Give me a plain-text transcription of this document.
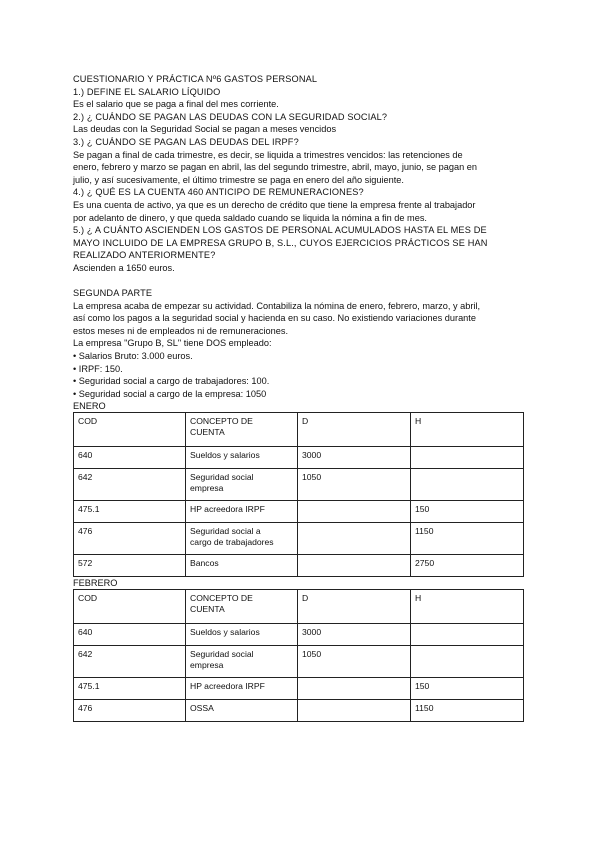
CUESTIONARIO Y PRÁCTICA Nº6 GASTOS PERSONAL
1.) DEFINE EL SALARIO LÍQUIDO
Es el salario que se paga a final del mes corriente.
2.) ¿ CUÁNDO SE PAGAN LAS DEUDAS CON LA SEGURIDAD SOCIAL?
Las deudas con la Seguridad Social se pagan a meses vencidos
3.) ¿ CUÁNDO SE PAGAN LAS DEUDAS DEL IRPF?
Se pagan a final de cada trimestre, es decir, se liquida a trimestres vencidos: las retenciones de
enero, febrero y marzo se pagan en abril, las del segundo trimestre, abril, mayo, junio, se pagan en
julio, y así sucesivamente, el último trimestre se paga en enero del año siguiente.
4.) ¿ QUÉ ES LA CUENTA 460 ANTICIPO DE REMUNERACIONES?
Es una cuenta de activo, ya que es un derecho de crédito que tiene la empresa frente al trabajador
por adelanto de dinero, y que queda saldado cuando se liquida la nómina a fin de mes.
5.) ¿ A CUÁNTO ASCIENDEN LOS GASTOS DE PERSONAL ACUMULADOS HASTA EL MES DE
MAYO INCLUIDO DE LA EMPRESA GRUPO B, S.L., CUYOS EJERCICIOS PRÁCTICOS SE HAN
REALIZADO ANTERIORMENTE?
Ascienden a 1650 euros.
SEGUNDA PARTE
La empresa acaba de empezar su actividad. Contabiliza la nómina de enero, febrero, marzo, y abril,
así como los pagos a la seguridad social y hacienda en su caso. No existiendo variaciones durante
estos meses ni de empleados ni de remuneraciones.
La empresa "Grupo B, SL" tiene DOS empleado:
• Salarios Bruto: 3.000 euros.
• IRPF: 150.
• Seguridad social a cargo de trabajadores: 100.
• Seguridad social a cargo de la empresa: 1050
ENERO
COD	CONCEPTO DE
CUENTA	D	H
640	Sueldos y salarios	3000	
642	Seguridad social
empresa	1050	
475.1	HP acreedora IRPF		150
476	Seguridad social a
cargo de trabajadores		1150
572	Bancos		2750
FEBRERO
COD	CONCEPTO DE
CUENTA	D	H
640	Sueldos y salarios	3000	
642	Seguridad social
empresa	1050	
475.1	HP acreedora IRPF		150
476	OSSA		1150
